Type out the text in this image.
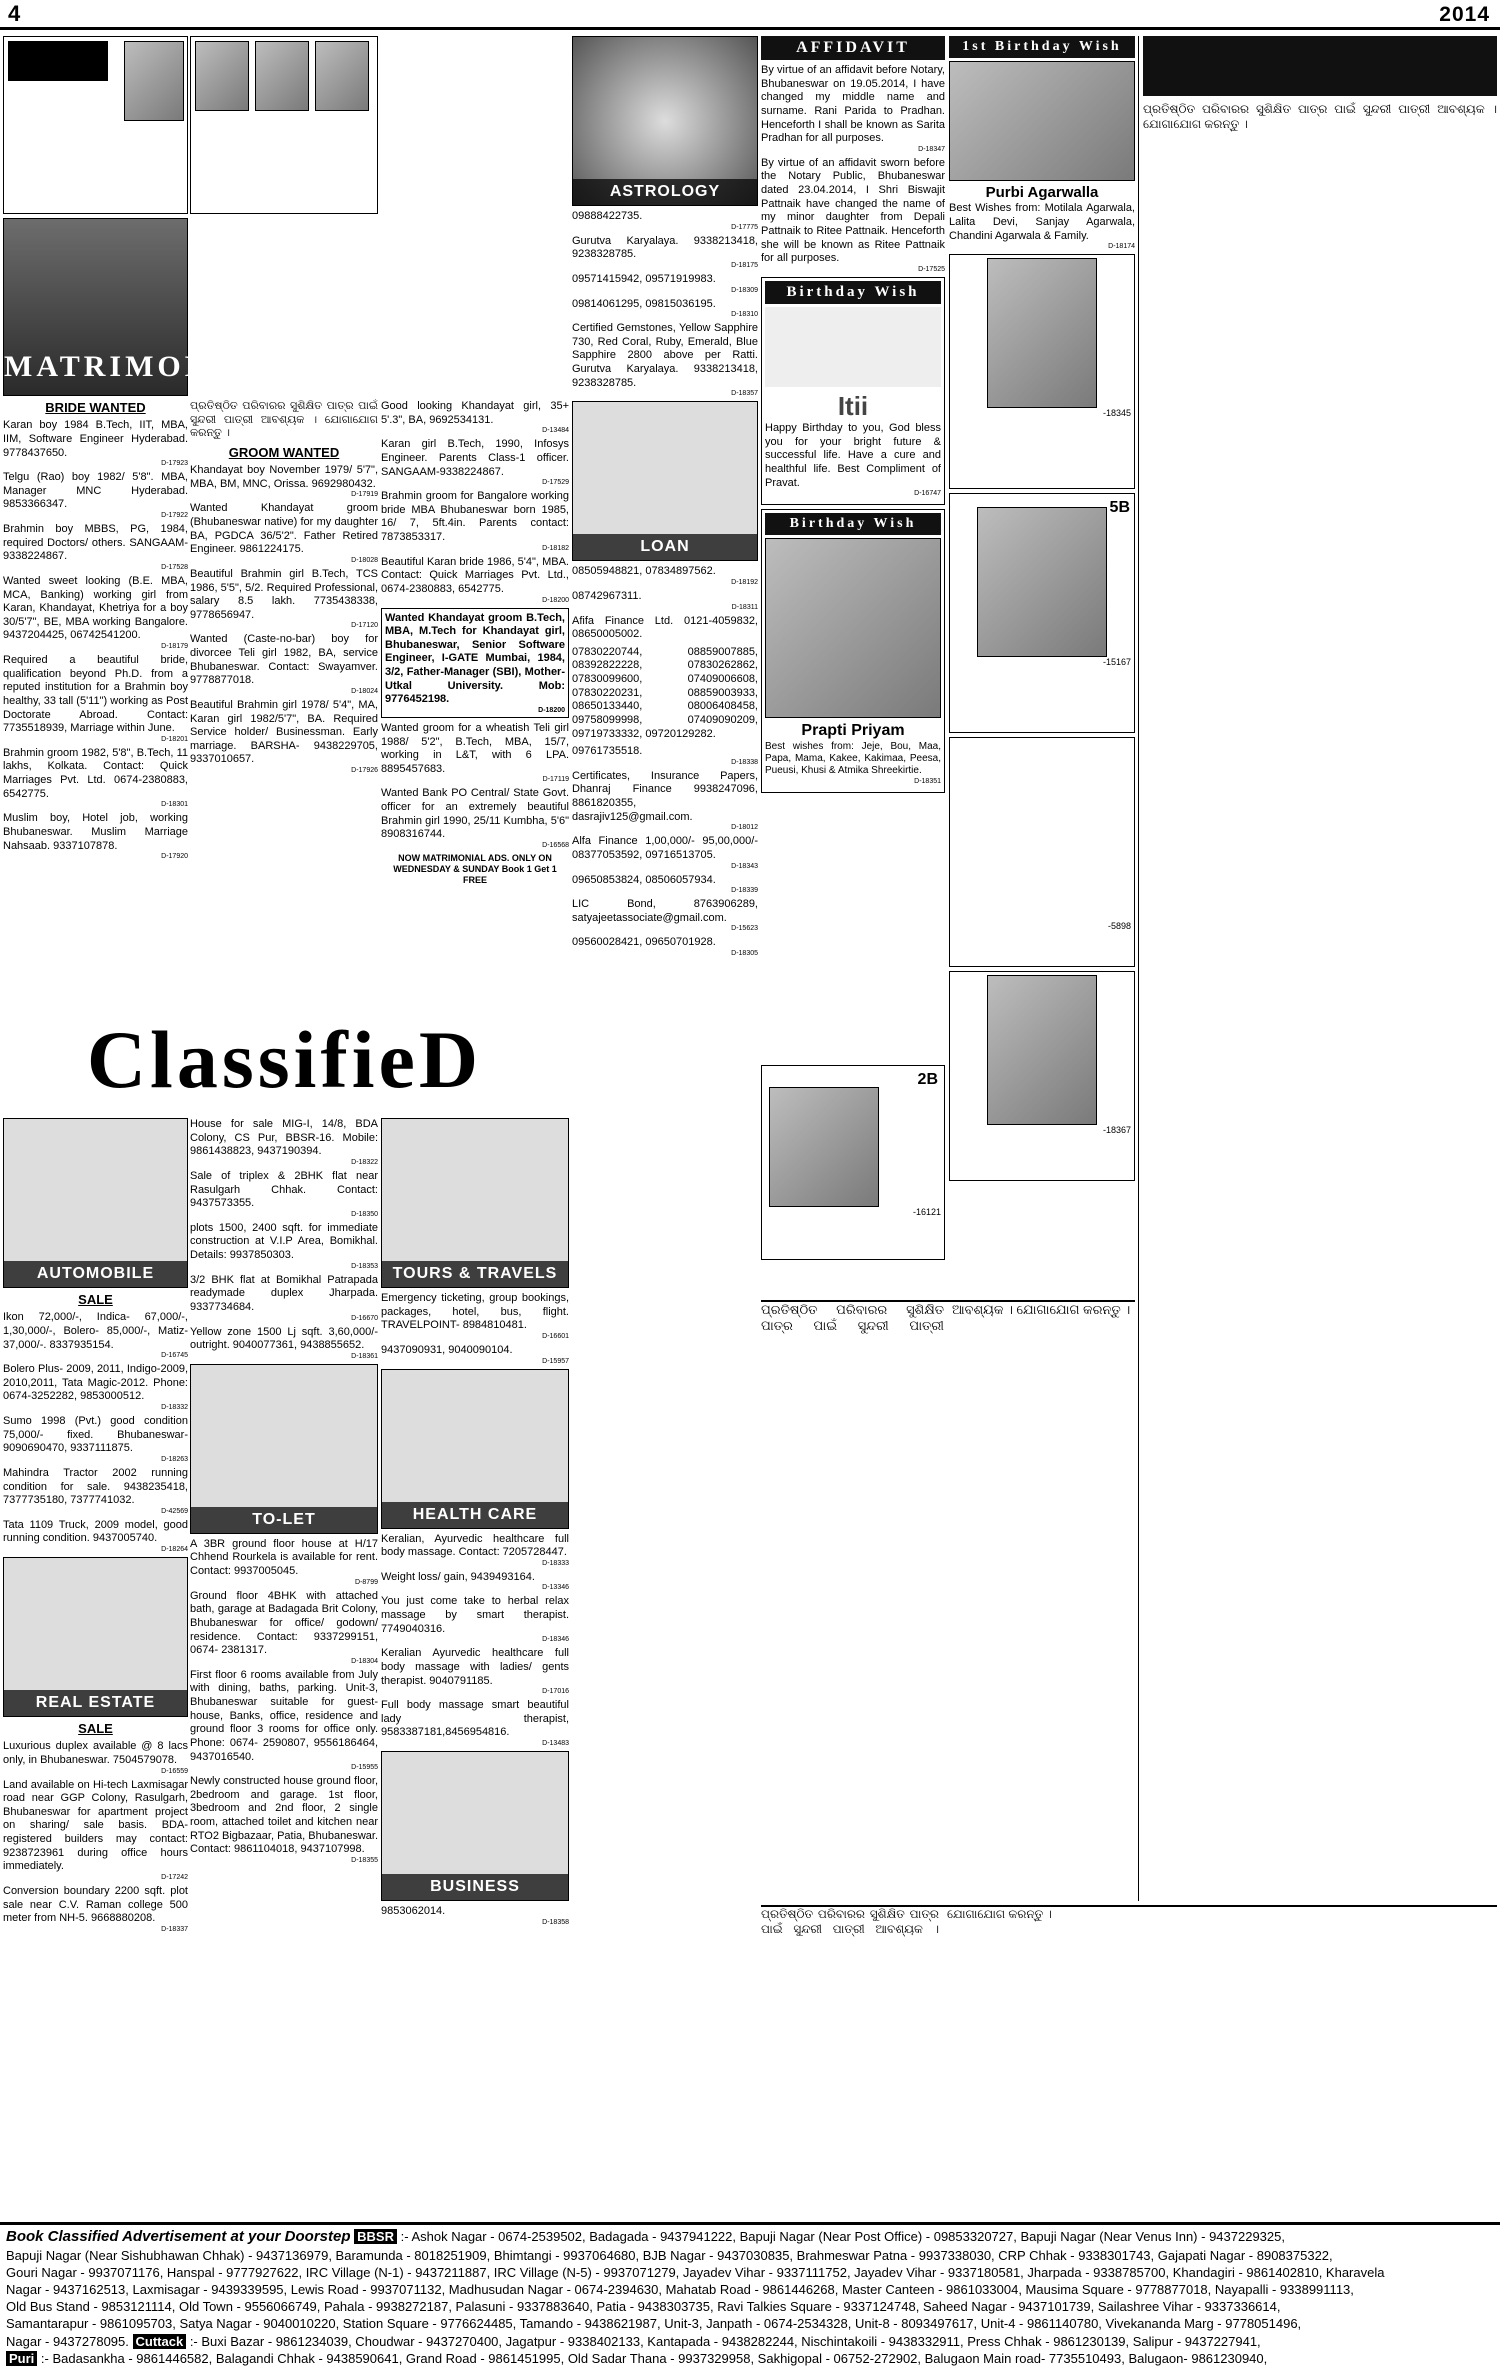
4	2014
MATRIMONIAL
BRIDE WANTED
Karan boy 1984 B.Tech, IIT, MBA, IIM, Software Engineer Hyderabad. 9778437650.
D-17923
Telgu (Rao) boy 1982/ 5'8". MBA, Manager MNC Hyderabad. 9853366347.
D-17922
Brahmin boy MBBS, PG, 1984, required Doctors/ others. SANGAAM-9338224867.
D-17528
Wanted sweet looking (B.E. MBA, MCA, Banking) working girl from Karan, Khandayat, Khetriya for a boy 30/5'7", BE, MBA working Bangalore. 9437204425, 06742541200.
D-18179
Required a beautiful bride, qualification beyond Ph.D. from a reputed institution for a Brahmin boy healthy, 33 tall (5'11") working as Post Doctorate Abroad. Contact: 7735518939, Marriage within June.
D-18201
Brahmin groom 1982, 5'8", B.Tech, 11 lakhs, Kolkata. Contact: Quick Marriages Pvt. Ltd. 0674-2380883, 6542775.
D-18301
Muslim boy, Hotel job, working Bhubaneswar. Muslim Marriage Nahsaab. 9337107878.
D-17920
ପ୍ରତିଷ୍ଠିତ ପରିବାରର ସୁଶିକ୍ଷିତ ପାତ୍ର ପାଇଁ ସୁନ୍ଦରୀ ପାତ୍ରୀ ଆବଶ୍ୟକ । ଯୋଗାଯୋଗ କରନ୍ତୁ ।
GROOM WANTED
Khandayat boy November 1979/ 5'7", MBA, BM, MNC, Orissa. 9692980432.
D-17919
Wanted Khandayat groom (Bhubaneswar native) for my daughter BA, PGDCA 36/5'2". Father Retired Engineer. 9861224175.
D-18028
Beautiful Brahmin girl B.Tech, TCS 1986, 5'5", 5/2. Required Professional, salary 8.5 lakh. 7735438338, 9778656947.
D-17120
Wanted (Caste-no-bar) boy for divorcee Teli girl 1982, BA, service Bhubaneswar. Contact: Swayamver. 9778877018.
D-18024
Beautiful Brahmin girl 1978/ 5'4", MA, Karan girl 1982/5'7", BA. Required Service holder/ Businessman. Early marriage. BARSHA- 9438229705, 9337010657.
D-17926
Good looking Khandayat girl, 35+ 5'.3", BA, 9692534131.
D-13484
Karan girl B.Tech, 1990, Infosys Engineer. Parents Class-1 officer. SANGAAM-9338224867.
D-17529
Brahmin groom for Bangalore working bride MBA Bhubaneswar born 1985, 16/ 7, 5ft.4in. Parents contact: 7873853317.
D-18182
Beautiful Karan bride 1986, 5'4", MBA. Contact: Quick Marriages Pvt. Ltd., 0674-2380883, 6542775.
D-18200
Wanted Khandayat groom B.Tech, MBA, M.Tech for Khandayat girl, Bhubaneswar, Senior Software Engineer, I-GATE Mumbai, 1984, 3/2, Father-Manager (SBI), Mother-Utkal University. Mob: 9776452198.
D-18200
Wanted groom for a wheatish Teli girl 1988/ 5'2", B.Tech, MBA, 15/7, working in L&T, with 6 LPA. 8895457683.
D-17119
Wanted Bank PO Central/ State Govt. officer for an extremely beautiful Brahmin girl 1990, 25/11 Kumbha, 5'6" 8908316744.
D-16568
NOW MATRIMONIAL ADS. ONLY ON WEDNESDAY & SUNDAY Book 1 Get 1 FREE
ClassifieD
AUTOMOBILE
SALE
Ikon 72,000/-, Indica- 67,000/-, 1,30,000/-, Bolero- 85,000/-, Matiz- 37,000/-. 8337935154.
D-16745
Bolero Plus- 2009, 2011, Indigo-2009, 2010,2011, Tata Magic-2012. Phone: 0674-3252282, 9853000512.
D-18332
Sumo 1998 (Pvt.) good condition 75,000/- fixed. Bhubaneswar- 9090690470, 9337111875.
D-18263
Mahindra Tractor 2002 running condition for sale. 9438235418, 7377735180, 7377741032.
D-42569
Tata 1109 Truck, 2009 model, good running condition. 9437005740.
D-18264
REAL ESTATE
SALE
Luxurious duplex available @ 8 lacs only, in Bhubaneswar. 7504579078.
D-16559
Land available on Hi-tech Laxmisagar road near GGP Colony, Rasulgarh, Bhubaneswar for apartment project on sharing/ sale basis. BDA- registered builders may contact: 9238723961 during office hours immediately.
D-17242
Conversion boundary 2200 sqft. plot sale near C.V. Raman college 500 meter from NH-5. 9668880208.
D-18337
House for sale MIG-I, 14/8, BDA Colony, CS Pur, BBSR-16. Mobile: 9861438823, 9437190394.
D-18322
Sale of triplex & 2BHK flat near Rasulgarh Chhak. Contact: 9437573355.
D-18350
plots 1500, 2400 sqft. for immediate construction at V.I.P Area, Bomikhal. Details: 9937850303.
D-18353
3/2 BHK flat at Bomikhal Patrapada readymade duplex Jharpada. 9337734684.
D-16670
Yellow zone 1500 Lj sqft. 3,60,000/- outright. 9040077361, 9438855652.
D-18361
TO-LET
A 3BR ground floor house at H/17 Chhend Rourkela is available for rent. Contact: 9937005045.
D-8799
Ground floor 4BHK with attached bath, garage at Badagada Brit Colony, Bhubaneswar for office/ godown/ residence. Contact: 9337299151, 0674- 2381317.
D-18304
First floor 6 rooms available from July with dining, baths, parking. Unit-3, Bhubaneswar suitable for guest- house, Banks, office, residence and ground floor 3 rooms for office only. Phone: 0674- 2590807, 9556186464, 9437016540.
D-15955
Newly constructed house ground floor, 2bedroom and garage. 1st floor, 3bedroom and 2nd floor, 2 single room, attached toilet and kitchen near RTO2 Bigbazaar, Patia, Bhubaneswar. Contact: 9861104018, 9437107998.
D-18355
TOURS & TRAVELS
Emergency ticketing, group bookings, packages, hotel, bus, flight. TRAVELPOINT- 8984810481.
D-16601
9437090931, 9040090104.
D-15957
HEALTH CARE
Keralian, Ayurvedic healthcare full body massage. Contact: 7205728447.
D-18333
Weight loss/ gain, 9439493164.
D-13346
You just come take to herbal relax massage by smart therapist. 7749040316.
D-18346
Keralian Ayurvedic healthcare full body massage with ladies/ gents therapist. 9040791185.
D-17016
Full body massage smart beautiful lady therapist, 9583387181,8456954816.
D-13483
BUSINESS
9853062014.
D-18358
ASTROLOGY
09888422735.
D-17775
Gurutva Karyalaya. 9338213418, 9238328785.
D-18175
09571415942, 09571919983.
D-18309
09814061295, 09815036195.
D-18310
Certified Gemstones, Yellow Sapphire 730, Red Coral, Ruby, Emerald, Blue Sapphire 2800 above per Ratti. Gurutva Karyalaya. 9338213418, 9238328785.
D-18357
LOAN
08505948821, 07834897562.
D-18192
08742967311.
D-18311
Afifa Finance Ltd. 0121-4059832, 08650005002.
07830220744, 08859007885, 08392822228, 07830262862, 07830099600, 07409006608, 07830220231, 08859003933, 08650133440, 08006408458, 09758099998, 07409090209, 09719733332, 09720129282.
09761735518.
D-18338
Certificates, Insurance Papers, Dhanraj Finance 9938247096, 8861820355, dasrajiv125@gmail.com.
D-18012
Alfa Finance 1,00,000/- 95,00,000/- 08377053592, 09716513705.
D-18343
09650853824, 08506057934.
D-18339
LIC Bond, 8763906289, satyajeetassociate@gmail.com.
D-15623
09560028421, 09650701928.
D-18305
AFFIDAVIT
By virtue of an affidavit before Notary, Bhubaneswar on 19.05.2014, I have changed my middle name and surname. Rani Parida to Pradhan. Henceforth I shall be known as Sarita Pradhan for all purposes.
D-18347
By virtue of an affidavit sworn before the Notary Public, Bhubaneswar dated 23.04.2014, I Shri Biswajit Pattnaik have changed the name of my minor daughter from Depali Pattnaik to Ritee Pattnaik. Henceforth she will be known as Ritee Pattnaik for all purposes.
D-17525
Birthday Wish
Itii
Happy Birthday to you, God bless you for your bright future & successful life. Have a cure and healthful life. Best Compliment of Pravat.
D-16747
Birthday Wish
Prapti Priyam
Best wishes from: Jeje, Bou, Maa, Papa, Mama, Kakee, Kakimaa, Peesa, Pueusi, Khusi & Atmika Shreekirtie.
D-18351
1st Birthday Wish
Purbi Agarwalla
Best Wishes from: Motilala Agarwala, Lalita Devi, Sanjay Agarwala, Chandini Agarwala & Family.
D-18174
-18345
5B
-15167
-5898
-18367
2B
-16121
ପ୍ରତିଷ୍ଠିତ ପରିବାରର ସୁଶିକ୍ଷିତ ପାତ୍ର ପାଇଁ ସୁନ୍ଦରୀ ପାତ୍ରୀ ଆବଶ୍ୟକ । ଯୋଗାଯୋଗ କରନ୍ତୁ ।
ପ୍ରତିଷ୍ଠିତ ପରିବାରର ସୁଶିକ୍ଷିତ ପାତ୍ର ପାଇଁ ସୁନ୍ଦରୀ ପାତ୍ରୀ ଆବଶ୍ୟକ । ଯୋଗାଯୋଗ କରନ୍ତୁ ।
ପ୍ରତିଷ୍ଠିତ ପରିବାରର ସୁଶିକ୍ଷିତ ପାତ୍ର ପାଇଁ ସୁନ୍ଦରୀ ପାତ୍ରୀ ଆବଶ୍ୟକ । ଯୋଗାଯୋଗ କରନ୍ତୁ ।
Book Classified Advertisement at your Doorstep BBSR :- Ashok Nagar - 0674-2539502, Badagada - 9437941222, Bapuji Nagar (Near Post Office) - 09853320727, Bapuji Nagar (Near Venus Inn) - 9437229325,
Bapuji Nagar (Near Sishubhawan Chhak) - 9437136979, Baramunda - 8018251909, Bhimtangi - 9937064680, BJB Nagar - 9437030835, Brahmeswar Patna - 9937338030, CRP Chhak - 9338301743, Gajapati Nagar - 8908375322,
Gouri Nagar - 9937071176, Hanspal - 9777927622, IRC Village (N-1) - 9437211887, IRC Village (N-5) - 9937071279, Jayadev Vihar - 9337111752, Jayadev Vihar - 9337180581, Jharpada - 9338785700, Khandagiri - 9861402810, Kharavela
Nagar - 9437162513, Laxmisagar - 9439339595, Lewis Road - 9937071132, Madhusudan Nagar - 0674-2394630, Mahatab Road - 9861446268, Master Canteen - 9861033004, Mausima Square - 9778877018, Nayapalli - 9338991113,
Old Bus Stand - 9853121114, Old Town - 9556066749, Pahala - 9938272187, Palasuni - 9337883640, Patia - 9438303735, Ravi Talkies Square - 9337124748, Saheed Nagar - 9437101739, Sailashree Vihar - 9337336614,
Samantarapur - 9861095703, Satya Nagar - 9040010220, Station Square - 9776624485, Tamando - 9438621987, Unit-3, Janpath - 0674-2534328, Unit-8 - 8093497617, Unit-4 - 9861140780, Vivekananda Marg - 9778051496,
Nagar - 9437278095. Cuttack :- Buxi Bazar - 9861234039, Choudwar - 9437270400, Jagatpur - 9338402133, Kantapada - 9438282244, Nischintakoili - 9438332911, Press Chhak - 9861230139, Salipur - 9437227941,
Puri :- Badasankha - 9861446582, Balagandi Chhak - 9438590641, Grand Road - 9861451995, Old Sadar Thana - 9937329958, Sakhigopal - 06752-272902, Balugaon Main road- 7735510493, Balugaon- 9861230940,
